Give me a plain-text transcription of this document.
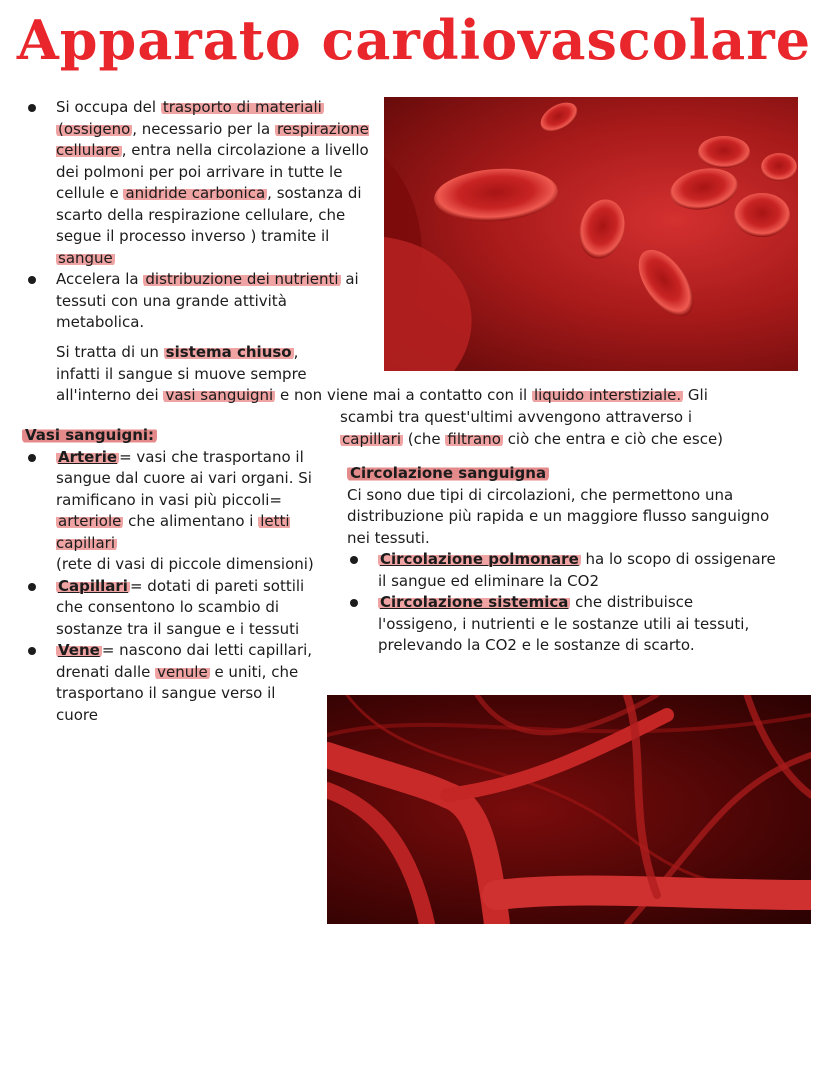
Apparato cardiovascolare
Si occupa del trasporto di materiali (ossigeno , necessario per la respirazione cellulare , entra nella circolazione a livello dei polmoni per poi arrivare in tutte le cellule e anidride carbonica , sostanza di scarto della respirazione cellulare, che segue il processo inverso ) tramite il sangue
Accelera la distribuzione dei nutrienti ai tessuti con una grande attività metabolica.
Si tratta di un sistema chiuso ,
infatti il sangue si muove sempre
all'interno dei vasi sanguigni e non viene mai a contatto con il liquido interstiziale. Gli
scambi tra quest'ultimi avvengono attraverso i
capillari (che filtrano ciò che entra e ciò che esce)
Vasi sanguigni:
Arterie = vasi che trasportano il sangue dal cuore ai vari organi. Si ramificano in vasi più piccoli= arteriole che alimentano i letti capillari
(rete di vasi di piccole dimensioni)
Capillari = dotati di pareti sottili che consentono lo scambio di sostanze tra il sangue e i tessuti
Vene = nascono dai letti capillari, drenati dalle venule e uniti, che trasportano il sangue verso il cuore
Circolazione sanguigna
Ci sono due tipi di circolazioni, che permettono una distribuzione più rapida e un maggiore flusso sanguigno nei tessuti.
Circolazione polmonare ha lo scopo di ossigenare il sangue ed eliminare la CO2
Circolazione sistemica che distribuisce l'ossigeno, i nutrienti e le sostanze utili ai tessuti, prelevando la CO2 e le sostanze di scarto.
